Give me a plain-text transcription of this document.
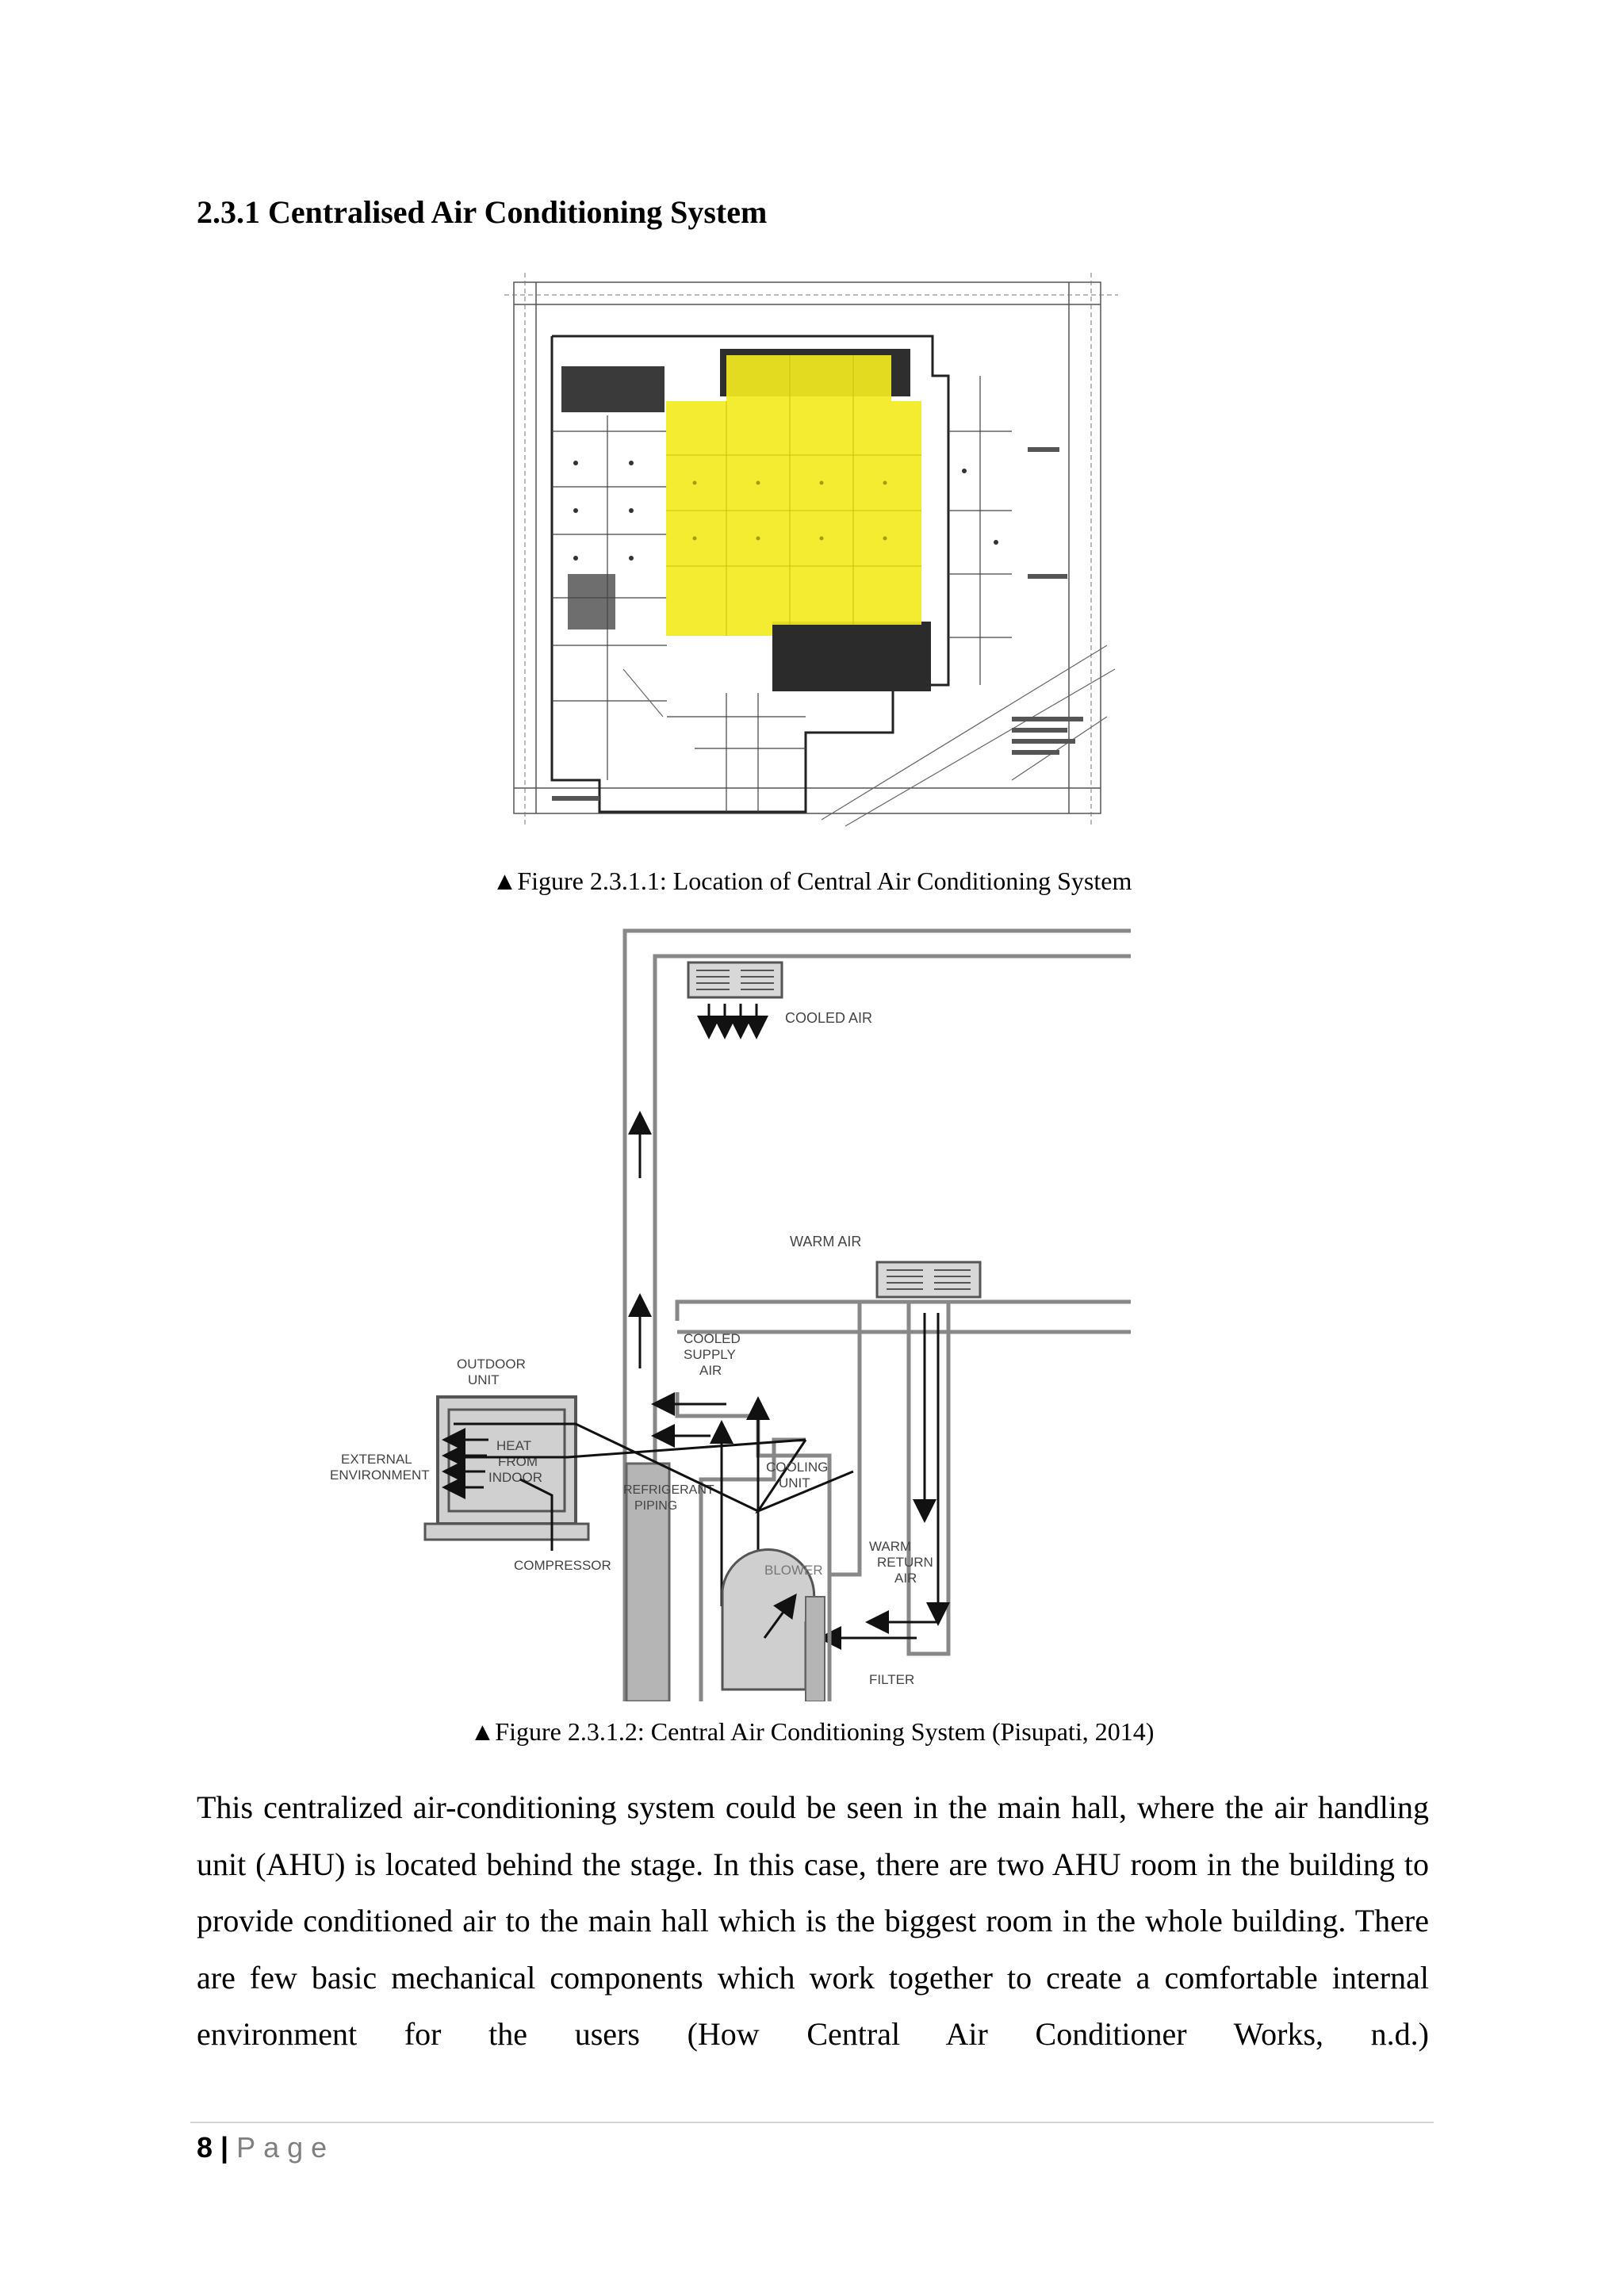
2.3.1 Centralised Air Conditioning System
▲Figure 2.3.1.1: Location of Central Air Conditioning System
COOLED AIR
WARM AIR
COOLED
SUPPLY
AIR
COOLING
UNIT
REFRIGERANT
PIPING
BLOWER
FILTER
WARM
RETURN
AIR
OUTDOOR
UNIT
HEAT
FROM
INDOOR
EXTERNAL
ENVIRONMENT
COMPRESSOR
▲Figure 2.3.1.2: Central Air Conditioning System (Pisupati, 2014)

This centralized air-conditioning system could be seen in the main hall, where the air handling unit (AHU) is located behind the stage. In this case, there are two AHU room in the building to provide conditioned air to the main hall which is the biggest room in the whole building. There are few basic mechanical components which work together to create a comfortable internal environment for the users (How Central Air Conditioner Works, n.d.)

8 | Page
